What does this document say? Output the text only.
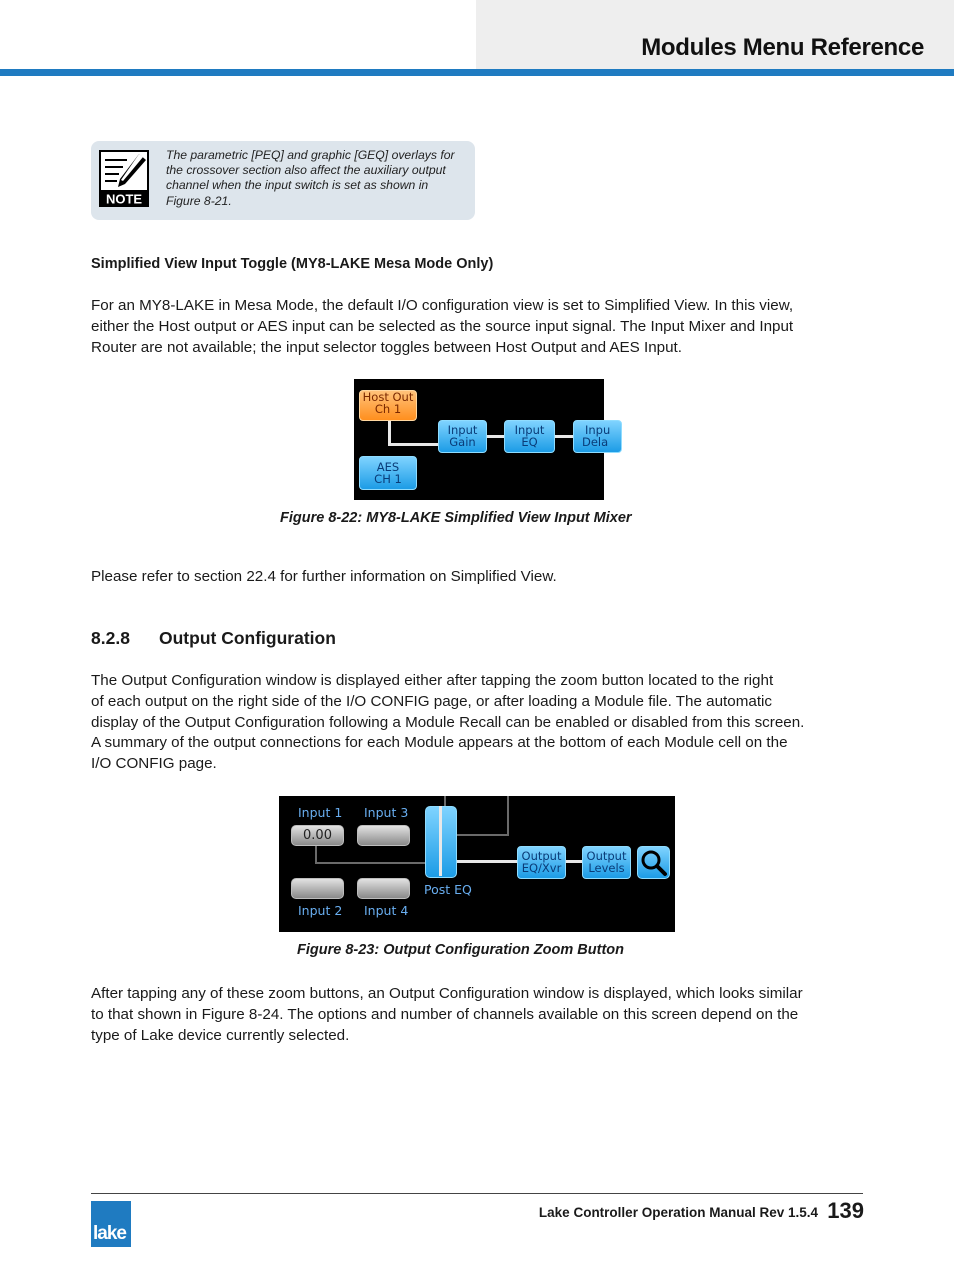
Modules Menu Reference
NOTE
The parametric [PEQ] and graphic [GEQ] overlays for
the crossover section also affect the auxiliary output
channel when the input switch is set as shown in
Figure 8-21.
Simplified View Input Toggle (MY8-LAKE Mesa Mode Only)
For an MY8-LAKE in Mesa Mode, the default I/O configuration view is set to Simplified View. In this view,
either the Host output or AES input can be selected as the source input signal. The Input Mixer and Input
Router are not available; the input selector toggles between Host Output and AES Input.
Host Out
Ch 1
Input
Gain
Input
EQ
Inpu
Dela
AES
CH 1
Figure 8-22: MY8-LAKE Simplified View Input Mixer
Please refer to section 22.4 for further information on Simplified View.
8.2.8 Output Configuration
The Output Configuration window is displayed either after tapping the zoom button located to the right
of each output on the right side of the I/O CONFIG page, or after loading a Module file. The automatic
display of the Output Configuration following a Module Recall can be enabled or disabled from this screen.
A summary of the output connections for each Module appears at the bottom of each Module cell on the
I/O CONFIG page.
Input 1 Input 3
0.00
Output
EQ/Xvr
Output
Levels
Post EQ
Input 2 Input 4
Figure 8-23: Output Configuration Zoom Button
After tapping any of these zoom buttons, an Output Configuration window is displayed, which looks similar
to that shown in Figure 8-24. The options and number of channels available on this screen depend on the
type of Lake device currently selected.
lake
Lake Controller Operation Manual Rev 1.5.4 139
